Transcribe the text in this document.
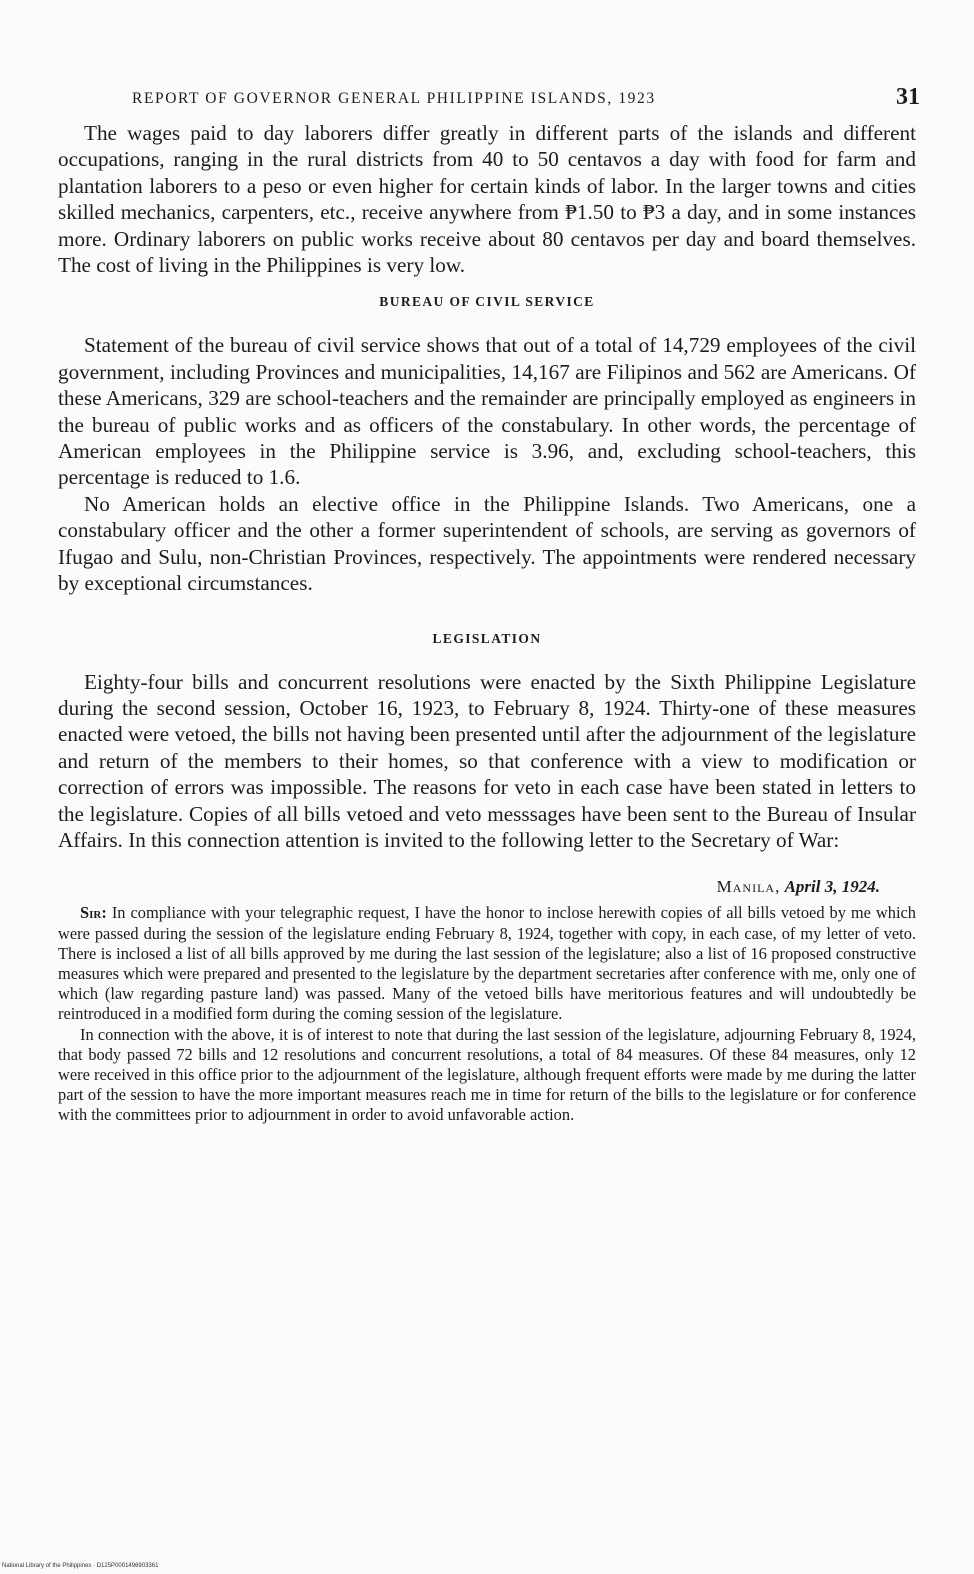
REPORT OF GOVERNOR GENERAL PHILIPPINE ISLANDS, 1923	31

The wages paid to day laborers differ greatly in different parts of the islands and different occupations, ranging in the rural districts from 40 to 50 centavos a day with food for farm and plantation laborers to a peso or even higher for certain kinds of labor. In the larger towns and cities skilled mechanics, carpenters, etc., receive anywhere from ₱1.50 to ₱3 a day, and in some instances more. Ordinary laborers on public works receive about 80 centavos per day and board themselves. The cost of living in the Philippines is very low.

BUREAU OF CIVIL SERVICE

Statement of the bureau of civil service shows that out of a total of 14,729 employees of the civil government, including Provinces and municipalities, 14,167 are Filipinos and 562 are Americans. Of these Americans, 329 are school-teachers and the remainder are principally employed as engineers in the bureau of public works and as officers of the constabulary. In other words, the percentage of American employees in the Philippine service is 3.96, and, excluding school-teachers, this percentage is reduced to 1.6.

No American holds an elective office in the Philippine Islands. Two Americans, one a constabulary officer and the other a former superintendent of schools, are serving as governors of Ifugao and Sulu, non-Christian Provinces, respectively. The appointments were rendered necessary by exceptional circumstances.

LEGISLATION

Eighty-four bills and concurrent resolutions were enacted by the Sixth Philippine Legislature during the second session, October 16, 1923, to February 8, 1924. Thirty-one of these measures enacted were vetoed, the bills not having been presented until after the adjournment of the legislature and return of the members to their homes, so that conference with a view to modification or correction of errors was impossible. The reasons for veto in each case have been stated in letters to the legislature. Copies of all bills vetoed and veto messsages have been sent to the Bureau of Insular Affairs. In this connection attention is invited to the following letter to the Secretary of War:

Manila, April 3, 1924.

Sir: In compliance with your telegraphic request, I have the honor to inclose herewith copies of all bills vetoed by me which were passed during the session of the legislature ending February 8, 1924, together with copy, in each case, of my letter of veto. There is inclosed a list of all bills approved by me during the last session of the legislature; also a list of 16 proposed constructive measures which were prepared and presented to the legislature by the department secretaries after conference with me, only one of which (law regarding pasture land) was passed. Many of the vetoed bills have meritorious features and will undoubtedly be reintroduced in a modified form during the coming session of the legislature.

In connection with the above, it is of interest to note that during the last session of the legislature, adjourning February 8, 1924, that body passed 72 bills and 12 resolutions and concurrent resolutions, a total of 84 measures. Of these 84 measures, only 12 were received in this office prior to the adjournment of the legislature, although frequent efforts were made by me during the latter part of the session to have the more important measures reach me in time for return of the bills to the legislature or for conference with the committees prior to adjournment in order to avoid unfavorable action.

National Library of the Philippines · D125P0001496903361
